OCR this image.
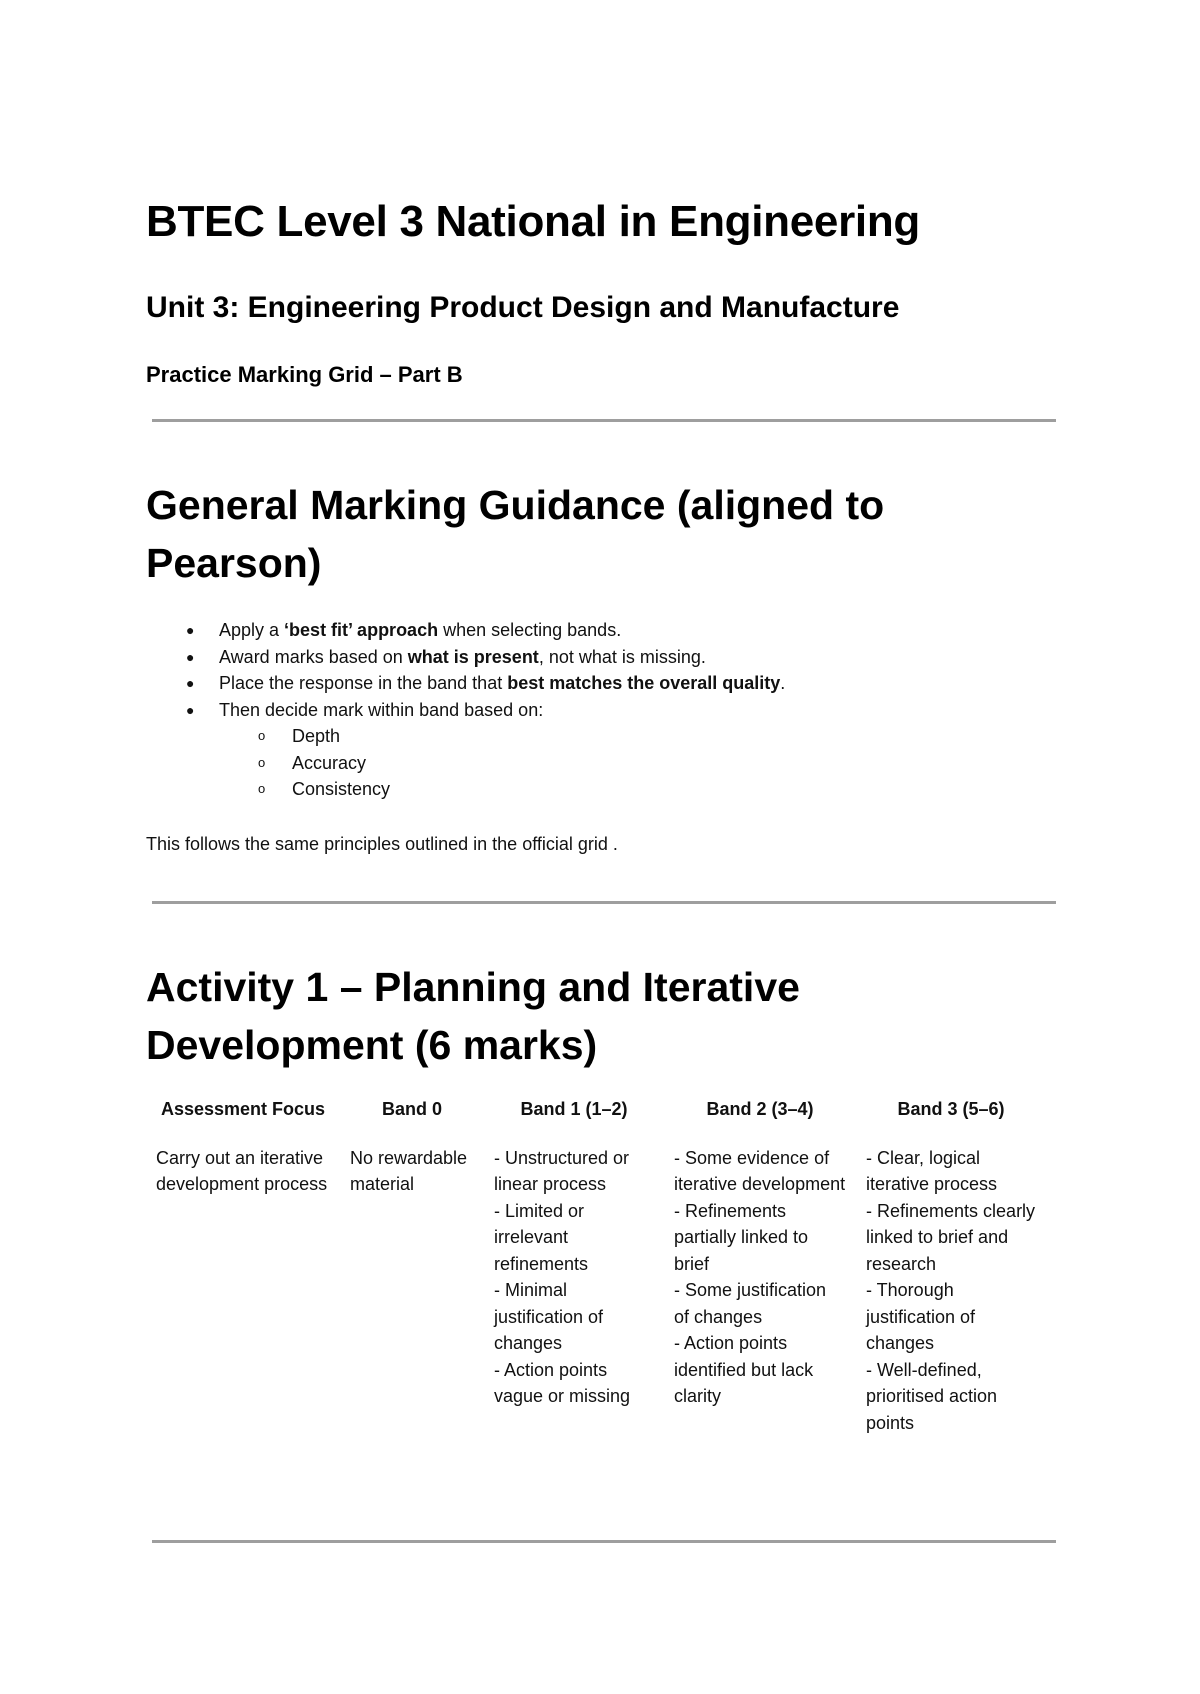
BTEC Level 3 National in Engineering
Unit 3: Engineering Product Design and Manufacture
Practice Marking Grid – Part B
General Marking Guidance (aligned to Pearson)
● Apply a ‘best fit’ approach when selecting bands.
● Award marks based on what is present, not what is missing.
● Place the response in the band that best matches the overall quality.
● Then decide mark within band based on:
o Depth
o Accuracy
o Consistency

This follows the same principles outlined in the official grid .

Activity 1 – Planning and Iterative Development (6 marks)
Assessment Focus	Band 0	Band 1 (1–2)	Band 2 (3–4)	Band 3 (5–6)
Carry out an iterative development process	No rewardable material	- Unstructured or linear process
- Limited or irrelevant refinements
- Minimal justification of changes
- Action points vague or missing	- Some evidence of iterative development
- Refinements partially linked to brief
- Some justification of changes
- Action points identified but lack clarity	- Clear, logical iterative process
- Refinements clearly linked to brief and research
- Thorough justification of changes
- Well-defined, prioritised action points
